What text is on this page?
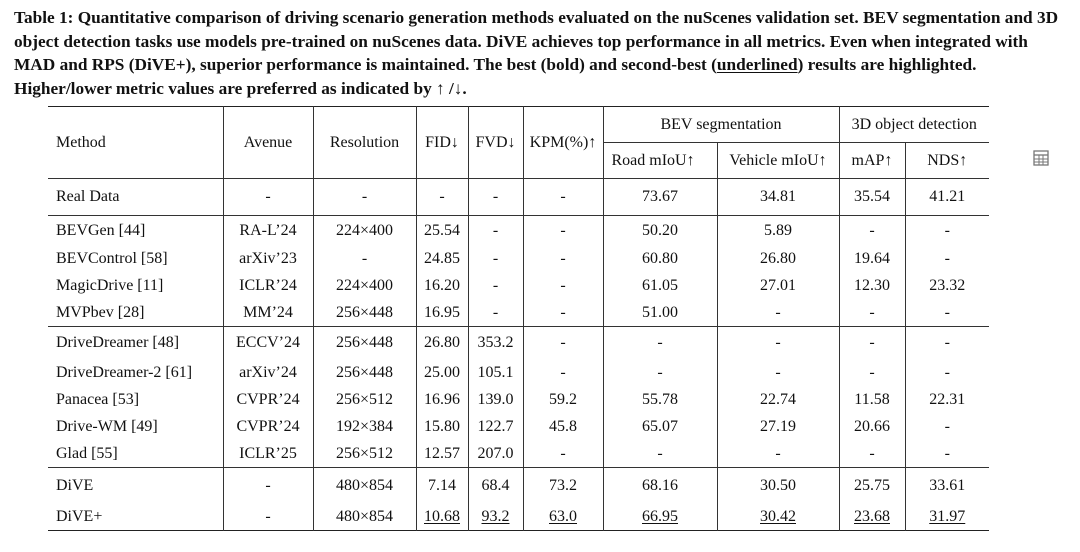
Table 1: Quantitative comparison of driving scenario generation methods evaluated on the nuScenes validation set. BEV segmentation and 3D object detection tasks use models pre-trained on nuScenes data. DiVE achieves top performance in all metrics. Even when integrated with MAD and RPS (DiVE+), superior performance is maintained. The best (bold) and second-best (underlined) results are highlighted. Higher/lower metric values are preferred as indicated by ↑ /↓.
Method	Avenue	Resolution	FID↓	FVD↓	KPM(%)↑	BEV segmentation		3D object detection	
						Road mIoU↑	Vehicle mIoU↑	mAP↑	NDS↑
Real Data	-	-	-	-	-	73.67	34.81	35.54	41.21
BEVGen [44]	RA-L’24	224×400	25.54	-	-	50.20	5.89	-	-
BEVControl [58]	arXiv’23	-	24.85	-	-	60.80	26.80	19.64	-
MagicDrive [11]	ICLR’24	224×400	16.20	-	-	61.05	27.01	12.30	23.32
MVPbev [28]	MM’24	256×448	16.95	-	-	51.00	-	-	-
DriveDreamer [48]	ECCV’24	256×448	26.80	353.2	-	-	-	-	-
DriveDreamer-2 [61]	arXiv’24	256×448	25.00	105.1	-	-	-	-	-
Panacea [53]	CVPR’24	256×512	16.96	139.0	59.2	55.78	22.74	11.58	22.31
Drive-WM [49]	CVPR’24	192×384	15.80	122.7	45.8	65.07	27.19	20.66	-
Glad [55]	ICLR’25	256×512	12.57	207.0	-	-	-	-	-
DiVE	-	480×854	7.14	68.4	73.2	68.16	30.50	25.75	33.61
DiVE+	-	480×854	10.68	93.2	63.0	66.95	30.42	23.68	31.97
